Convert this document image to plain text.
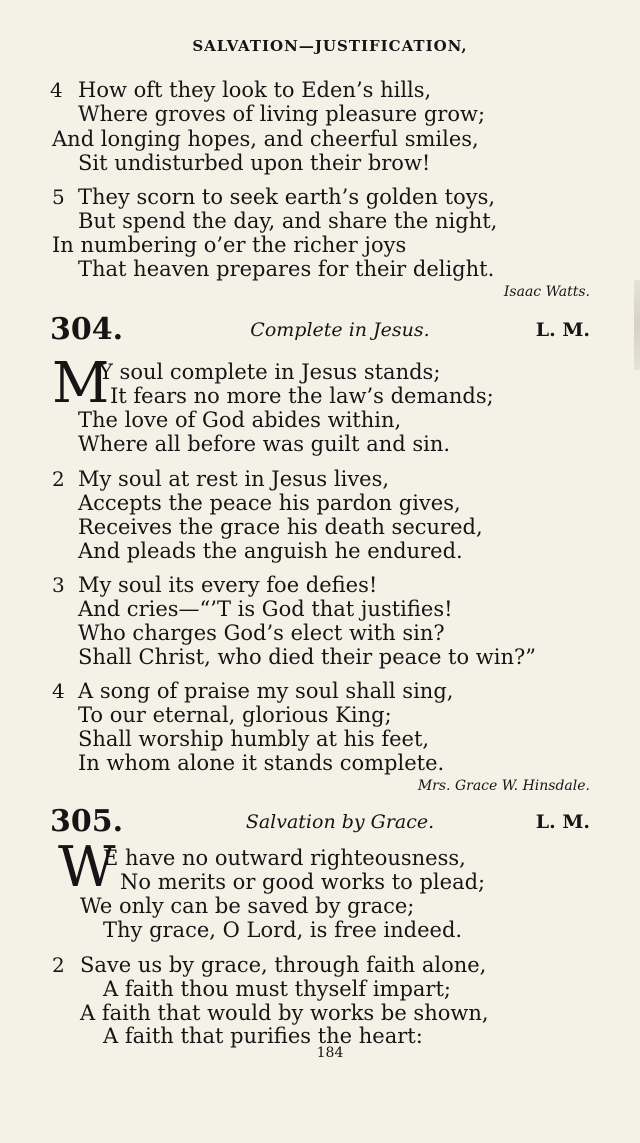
SALVATION—JUSTIFICATION,
4 How oft they look to Eden’s hills,
Where groves of living pleasure grow;
And longing hopes, and cheerful smiles,
Sit undisturbed upon their brow!
5 They scorn to seek earth’s golden toys,
But spend the day, and share the night,
In numbering o’er the richer joys
That heaven prepares for their delight.
Isaac Watts.
304.	Complete in Jesus.	L. M.
M
Y soul complete in Jesus stands;
It fears no more the law’s demands;
The love of God abides within,
Where all before was guilt and sin.
2 My soul at rest in Jesus lives,
Accepts the peace his pardon gives,
Receives the grace his death secured,
And pleads the anguish he endured.
3 My soul its every foe defies!
And cries—“’T is God that justifies!
Who charges God’s elect with sin?
Shall Christ, who died their peace to win?”
4 A song of praise my soul shall sing,
To our eternal, glorious King;
Shall worship humbly at his feet,
In whom alone it stands complete.
Mrs. Grace W. Hinsdale.
305.	Salvation by Grace.	L. M.
W
E have no outward righteousness,
No merits or good works to plead;
We only can be saved by grace;
Thy grace, O Lord, is free indeed.
2 Save us by grace, through faith alone,
A faith thou must thyself impart;
A faith that would by works be shown,
A faith that purifies the heart:
184
